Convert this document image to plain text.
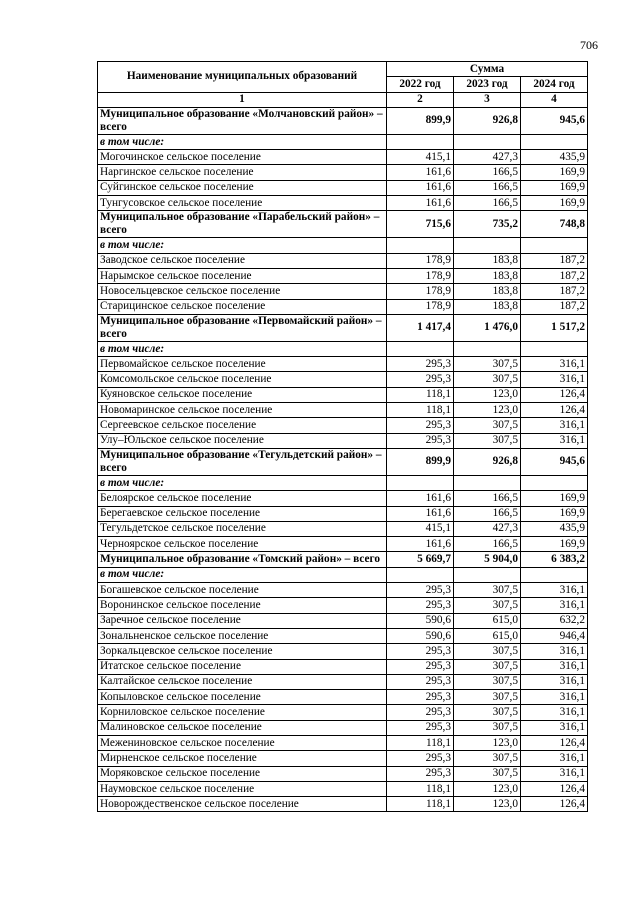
706
Наименование муниципальных образований	Сумма		
	2022 год	2023 год	2024 год
1	2	3	4
Муниципальное образование «Молчановский район» – всего	899,9	926,8	945,6
в том числе:			
Могочинское сельское поселение	415,1	427,3	435,9
Наргинское сельское поселение	161,6	166,5	169,9
Суйгинское сельское поселение	161,6	166,5	169,9
Тунгусовское сельское поселение	161,6	166,5	169,9
Муниципальное образование «Парабельский район» – всего	715,6	735,2	748,8
в том числе:			
Заводское сельское поселение	178,9	183,8	187,2
Нарымское сельское поселение	178,9	183,8	187,2
Новосельцевское сельское поселение	178,9	183,8	187,2
Старицинское сельское поселение	178,9	183,8	187,2
Муниципальное образование «Первомайский район» – всего	1 417,4	1 476,0	1 517,2
в том числе:			
Первомайское сельское поселение	295,3	307,5	316,1
Комсомольское сельское поселение	295,3	307,5	316,1
Куяновское сельское поселение	118,1	123,0	126,4
Новомаринское сельское поселение	118,1	123,0	126,4
Сергеевское сельское поселение	295,3	307,5	316,1
Улу–Юльское сельское поселение	295,3	307,5	316,1
Муниципальное образование «Тегульдетский район» – всего	899,9	926,8	945,6
в том числе:			
Белоярское сельское поселение	161,6	166,5	169,9
Берегаевское сельское поселение	161,6	166,5	169,9
Тегульдетское сельское поселение	415,1	427,3	435,9
Черноярское сельское поселение	161,6	166,5	169,9
Муниципальное образование «Томский район» – всего	5 669,7	5 904,0	6 383,2
в том числе:			
Богашевское сельское поселение	295,3	307,5	316,1
Воронинское сельское поселение	295,3	307,5	316,1
Заречное сельское поселение	590,6	615,0	632,2
Зональненское сельское поселение	590,6	615,0	946,4
Зоркальцевское сельское поселение	295,3	307,5	316,1
Итатское сельское поселение	295,3	307,5	316,1
Калтайское сельское поселение	295,3	307,5	316,1
Копыловское сельское поселение	295,3	307,5	316,1
Корниловское сельское поселение	295,3	307,5	316,1
Малиновское сельское поселение	295,3	307,5	316,1
Межениновское сельское поселение	118,1	123,0	126,4
Мирненское сельское поселение	295,3	307,5	316,1
Моряковское сельское поселение	295,3	307,5	316,1
Наумовское сельское поселение	118,1	123,0	126,4
Новорождественское сельское поселение	118,1	123,0	126,4
